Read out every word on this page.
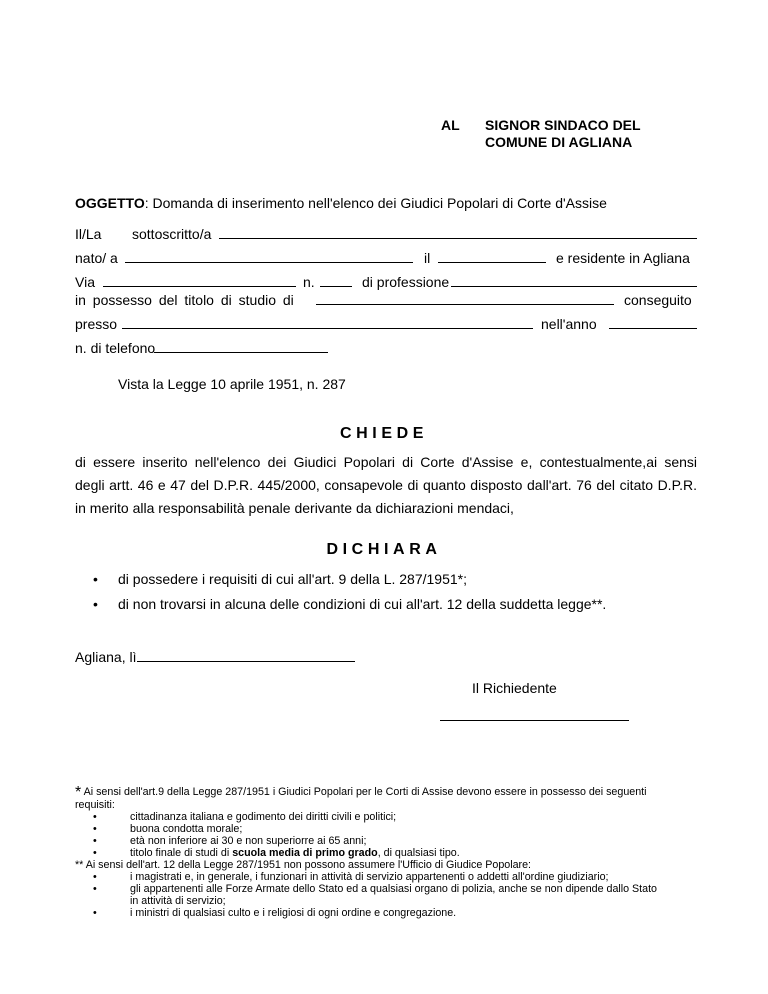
AL SIGNOR SINDACO DEL
COMUNE DI AGLIANA
OGGETTO: Domanda di inserimento nell'elenco dei Giudici Popolari di Corte d'Assise
Il/La sottoscritto/a
nato/ a	il	e residente in Agliana
Via	n.	di professione
in possesso del titolo di studio di	conseguito
presso	nell'anno
n. di telefono
Vista la Legge 10 aprile 1951, n. 287
CHIEDE
di essere inserito nell'elenco dei Giudici Popolari di Corte d'Assise e, contestualmente,ai sensi
degli artt. 46 e 47 del D.P.R. 445/2000, consapevole di quanto disposto dall'art. 76 del citato D.P.R.
in merito alla responsabilità penale derivante da dichiarazioni mendaci,
DICHIARA
• di possedere i requisiti di cui all'art. 9 della L. 287/1951*;
• di non trovarsi in alcuna delle condizioni di cui all'art. 12 della suddetta legge**.
Agliana, lì
Il Richiedente
* Ai sensi dell'art.9 della Legge 287/1951 i Giudici Popolari per le Corti di Assise devono essere in possesso dei seguenti
requisiti:
•	cittadinanza italiana e godimento dei diritti civili e politici;
•	buona condotta morale;
•	età non inferiore ai 30 e non superiorre ai 65 anni;
•	titolo finale di studi di scuola media di primo grado, di qualsiasi tipo.
** Ai sensi dell'art. 12 della Legge 287/1951 non possono assumere l'Ufficio di Giudice Popolare:
•	i magistrati e, in generale, i funzionari in attività di servizio appartenenti o addetti all'ordine giudiziario;
•	gli appartenenti alle Forze Armate dello Stato ed a qualsiasi organo di polizia, anche se non dipende dallo Stato
in attività di servizio;
•	i ministri di qualsiasi culto e i religiosi di ogni ordine e congregazione.
